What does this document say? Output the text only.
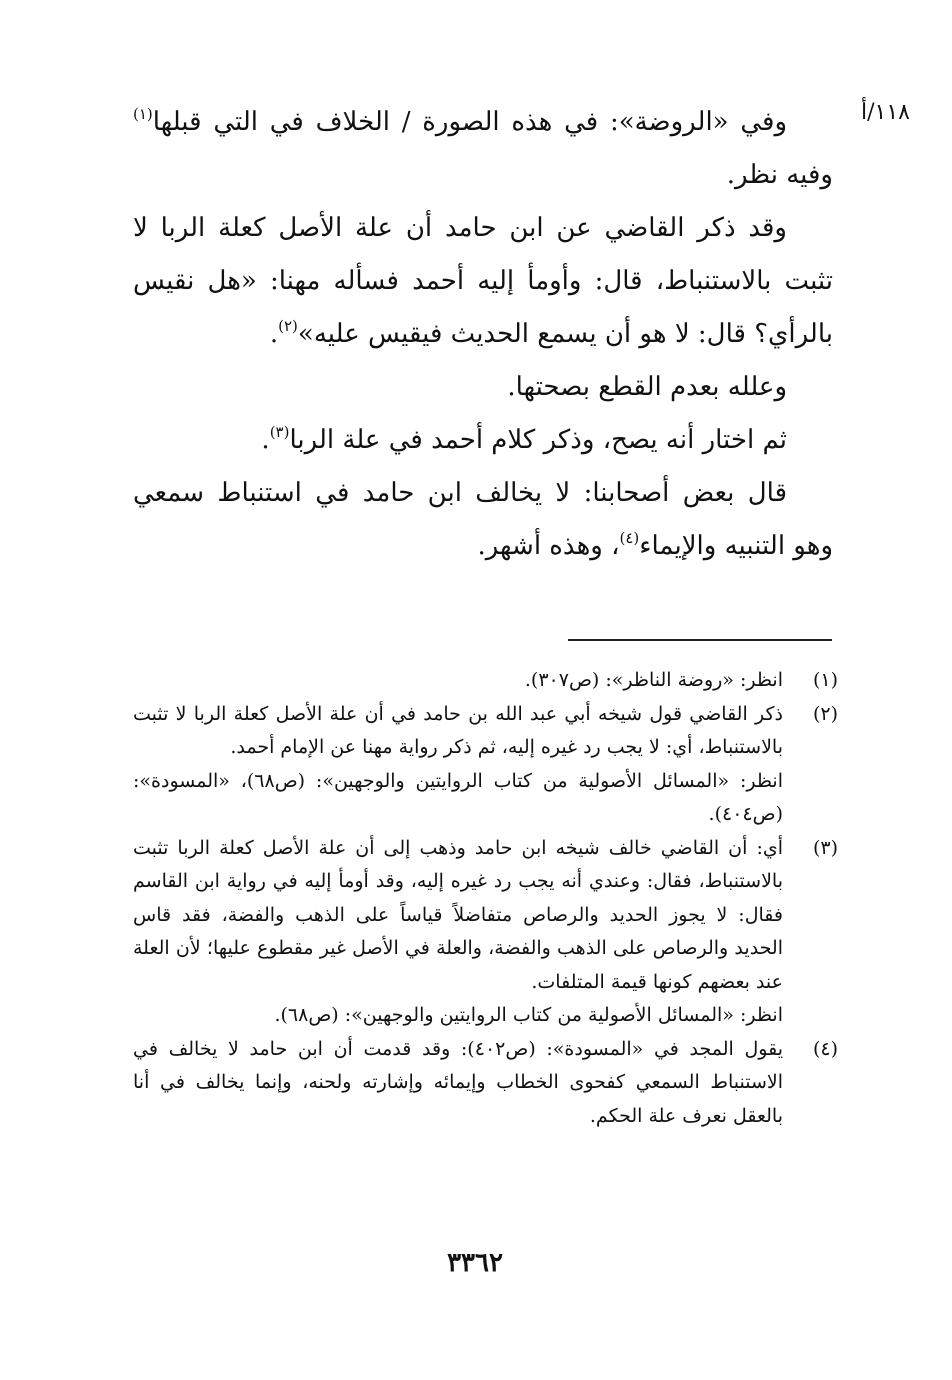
١١٨/أ

وفي «الروضة»: في هذه الصورة / الخلاف في التي قبلها$^{(١)}$ وفيه نظر.

وقد ذكر القاضي عن ابن حامد أن علة الأصل كعلة الربا لا تثبت بالاستنباط، قال: وأومأ إليه أحمد فسأله مهنا: «هل نقيس بالرأي؟ قال: لا هو أن يسمع الحديث فيقيس عليه»$^{(٢)}$.

وعلله بعدم القطع بصحتها.

ثم اختار أنه يصح، وذكر كلام أحمد في علة الربا$^{(٣)}$.

قال بعض أصحابنا: لا يخالف ابن حامد في استنباط سمعي وهو التنبيه والإيماء$^{(٤)}$، وهذه أشهر.

(١)

انظر: «روضة الناظر»: (ص٣٠٧).

(٢)

ذكر القاضي قول شيخه أبي عبد الله بن حامد في أن علة الأصل كعلة الربا لا تثبت بالاستنباط، أي: لا يجب رد غيره إليه، ثم ذكر رواية مهنا عن الإمام أحمد.

انظر: «المسائل الأصولية من كتاب الروايتين والوجهين»: (ص٦٨)، «المسودة»: (ص٤٠٤).

(٣)

أي: أن القاضي خالف شيخه ابن حامد وذهب إلى أن علة الأصل كعلة الربا تثبت بالاستنباط، فقال: وعندي أنه يجب رد غيره إليه، وقد أومأ إليه في رواية ابن القاسم فقال: لا يجوز الحديد والرصاص متفاضلاً قياساً على الذهب والفضة، فقد قاس الحديد والرصاص على الذهب والفضة، والعلة في الأصل غير مقطوع عليها؛ لأن العلة عند بعضهم كونها قيمة المتلفات.

انظر: «المسائل الأصولية من كتاب الروايتين والوجهين»: (ص٦٨).

(٤)

يقول المجد في «المسودة»: (ص٤٠٢): وقد قدمت أن ابن حامد لا يخالف في الاستنباط السمعي كفحوى الخطاب وإيمائه وإشارته ولحنه، وإنما يخالف في أنا بالعقل نعرف علة الحكم.

٣٣٦٢
